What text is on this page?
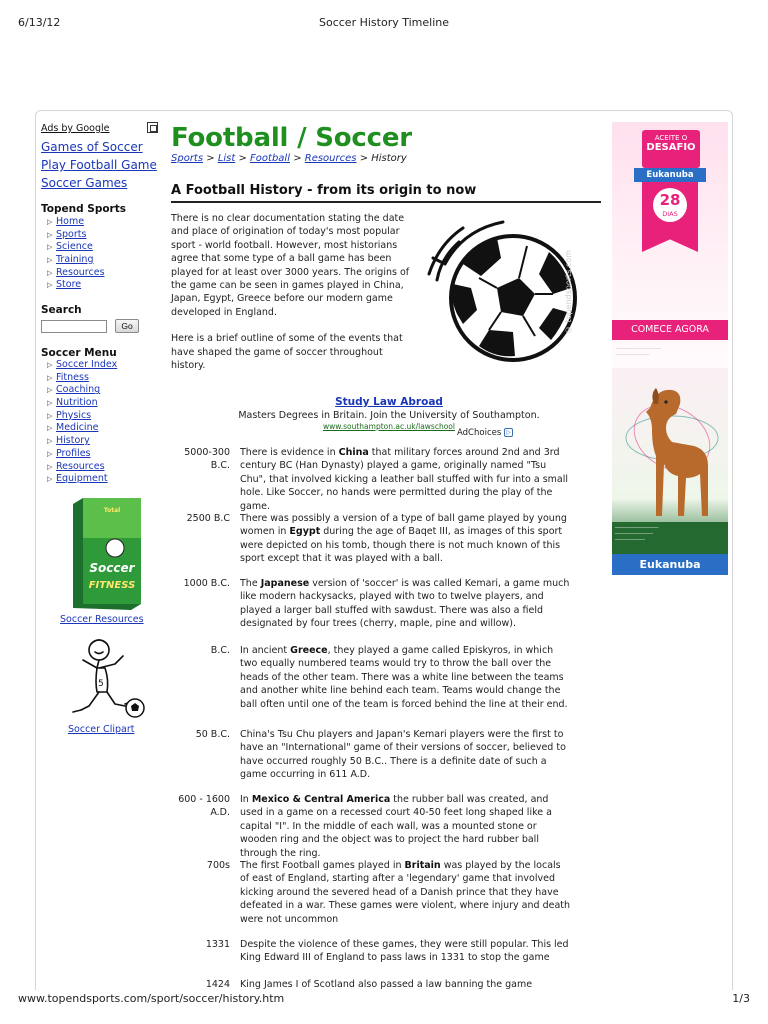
6/13/12	Soccer History Timeline
Ads by Google
Games of Soccer
Play Football Game
Soccer Games
Topend Sports
▷ Home
▷ Sports
▷ Science
▷ Training
▷ Resources
▷ Store
Search
Go
Soccer Menu
▷ Soccer Index
▷ Fitness
▷ Coaching
▷ Nutrition
▷ Physics
▷ Medicine
▷ History
▷ Profiles
▷ Resources
▷ Equipment
Total
Soccer
FITNESS
Soccer Resources
5
Soccer Clipart
Football / Soccer
Sports > List > Football > Resources > History
A Football History - from its origin to now

There is no clear documentation stating the date and place of origination of today's most popular sport - world football. However, most historians agree that some type of a ball game has been played for at least over 3000 years. The origins of the game can be seen in games played in China, Japan, Egypt, Greece before our modern game developed in England.

Here is a brief outline of some of the events that have shaped the game of soccer throughout history.

© topendsports.com
Study Law Abroad
Masters Degrees in Britain. Join the University of Southampton.
www.southampton.ac.uk/lawschool
AdChoices ▷
5000-300 B.C.
There is evidence in China that military forces around 2nd and 3rd century BC (Han Dynasty) played a game, originally named "Tsu Chu", that involved kicking a leather ball stuffed with fur into a small hole. Like Soccer, no hands were permitted during the play of the game.
2500 B.C There was possibly a version of a type of ball game played by young women in Egypt during the age of Baqet III, as images of this sport were depicted on his tomb, though there is not much known of this sport except that it was played with a ball.
1000 B.C. The Japanese version of 'soccer' is was called Kemari, a game much like modern hackysacks, played with two to twelve players, and played a larger ball stuffed with sawdust. There was also a field designated by four trees (cherry, maple, pine and willow).
B.C. In ancient Greece, they played a game called Episkyros, in which two equally numbered teams would try to throw the ball over the heads of the other team. There was a white line between the teams and another white line behind each team. Teams would change the ball often until one of the team is forced behind the line at their end.
50 B.C. China's Tsu Chu players and Japan's Kemari players were the first to have an "International" game of their versions of soccer, believed to have occurred roughly 50 B.C.. There is a definite date of such a game occurring in 611 A.D.
600 - 1600 A.D.
In Mexico & Central America the rubber ball was created, and used in a game on a recessed court 40-50 feet long shaped like a capital "I". In the middle of each wall, was a mounted stone or wooden ring and the object was to project the hard rubber ball through the ring.
700s The first Football games played in Britain was played by the locals of east of England, starting after a 'legendary' game that involved kicking around the severed head of a Danish prince that they have defeated in a war. These games were violent, where injury and death were not uncommon
1331 Despite the violence of these games, they were still popular. This led King Edward III of England to pass laws in 1331 to stop the game
1424 King James I of Scotland also passed a law banning the game
ACEITE O
DESAFIO
Eukanuba
28
DIAS
COMECE AGORA
───────────────
───────────
────────────────
──────────────
───────────
Eukanuba
www.topendsports.com/sport/soccer/history.htm	1/3
